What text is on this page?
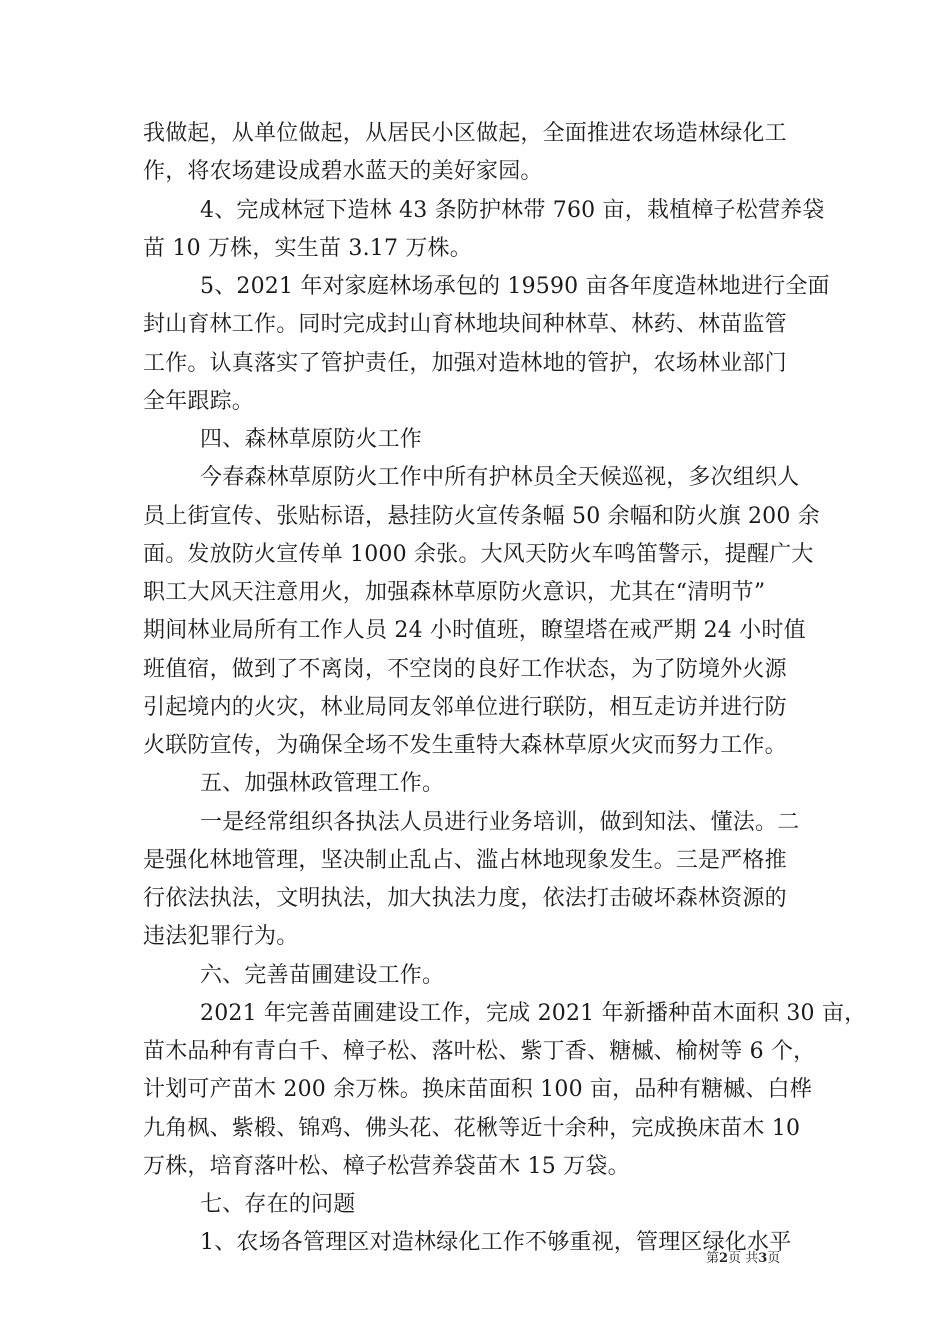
我做起，从单位做起，从居民小区做起，全面推进农场造林绿化工
作，将农场建设成碧水蓝天的美好家园。
4、完成林冠下造林 43 条防护林带 760 亩，栽植樟子松营养袋
苗 10 万株，实生苗 3.17 万株。
5、2021 年对家庭林场承包的 19590 亩各年度造林地进行全面
封山育林工作。同时完成封山育林地块间种林草、林药、林苗监管
工作。认真落实了管护责任，加强对造林地的管护，农场林业部门
全年跟踪。
四、森林草原防火工作
今春森林草原防火工作中所有护林员全天候巡视，多次组织人
员上街宣传、张贴标语，悬挂防火宣传条幅 50 余幅和防火旗 200 余
面。发放防火宣传单 1000 余张。大风天防火车鸣笛警示，提醒广大
职工大风天注意用火，加强森林草原防火意识，尤其在“清明节”
期间林业局所有工作人员 24 小时值班，瞭望塔在戒严期 24 小时值
班值宿，做到了不离岗，不空岗的良好工作状态，为了防境外火源
引起境内的火灾，林业局同友邻单位进行联防，相互走访并进行防
火联防宣传，为确保全场不发生重特大森林草原火灾而努力工作。
五、加强林政管理工作。
一是经常组织各执法人员进行业务培训，做到知法、懂法。二
是强化林地管理，坚决制止乱占、滥占林地现象发生。三是严格推
行依法执法，文明执法，加大执法力度，依法打击破坏森林资源的
违法犯罪行为。
六、完善苗圃建设工作。
2021 年完善苗圃建设工作，完成 2021 年新播种苗木面积 30 亩，
苗木品种有青白千、樟子松、落叶松、紫丁香、糖槭、榆树等 6 个，
计划可产苗木 200 余万株。换床苗面积 100 亩，品种有糖槭、白桦
九角枫、紫椴、锦鸡、佛头花、花楸等近十余种，完成换床苗木 10
万株，培育落叶松、樟子松营养袋苗木 15 万袋。
七、存在的问题
1、农场各管理区对造林绿化工作不够重视，管理区绿化水平
第2页 共3页
